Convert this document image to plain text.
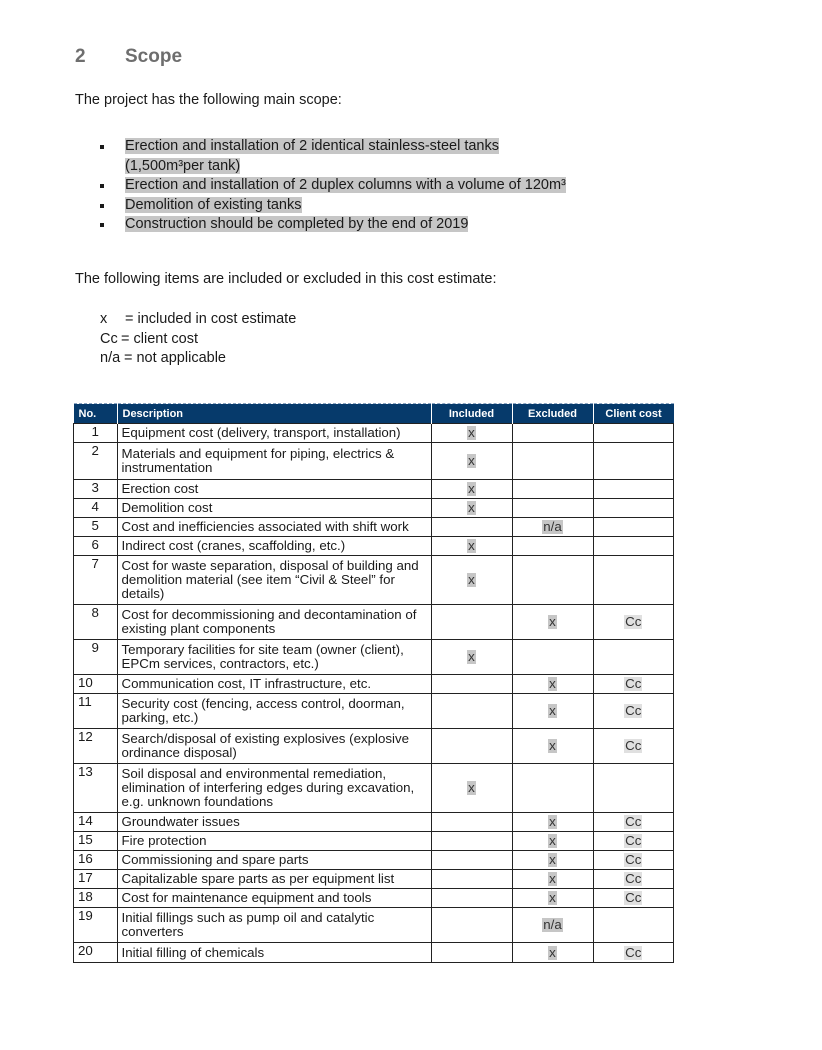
2 Scope
The project has the following main scope:
Erection and installation of 2 identical stainless-steel tanks
(1,500m³per tank)
Erection and installation of 2 duplex columns with a volume of 120m³
Demolition of existing tanks
Construction should be completed by the end of 2019
The following items are included or excluded in this cost estimate:
x	= included in cost estimate
Cc = client cost
n/a = not applicable
No.	Description	Included	Excluded	Client cost
1	Equipment cost (delivery, transport, installation)	x		
2	Materials and equipment for piping, electrics & instrumentation	x		
3	Erection cost	x		
4	Demolition cost	x		
5	Cost and inefficiencies associated with shift work		n/a	
6	Indirect cost (cranes, scaffolding, etc.)	x		
7	Cost for waste separation, disposal of building and demolition material (see item “Civil & Steel” for details)	x		
8	Cost for decommissioning and decontamination of existing plant components		x	Cc
9	Temporary facilities for site team (owner (client), EPCm services, contractors, etc.)	x		
10	Communication cost, IT infrastructure, etc.		x	Cc
11	Security cost (fencing, access control, doorman, parking, etc.)		x	Cc
12	Search/disposal of existing explosives (explosive ordinance disposal)		x	Cc
13	Soil disposal and environmental remediation, elimination of interfering edges during excavation, e.g. unknown foundations	x		
14	Groundwater issues		x	Cc
15	Fire protection		x	Cc
16	Commissioning and spare parts		x	Cc
17	Capitalizable spare parts as per equipment list		x	Cc
18	Cost for maintenance equipment and tools		x	Cc
19	Initial fillings such as pump oil and catalytic converters		n/a	
20	Initial filling of chemicals		x	Cc
